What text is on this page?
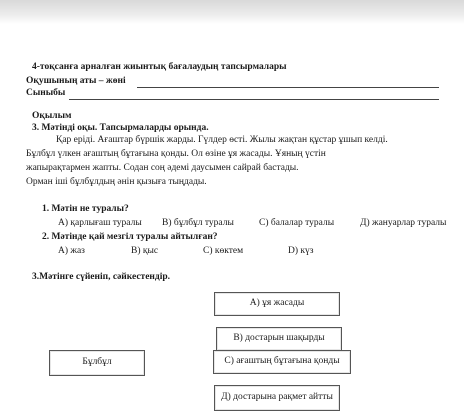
4-тоқсанға арналған жиынтық бағалаудың тапсырмалары
Оқушының аты – жөні
Сыныбы
Оқылым
3. Мәтінді оқы. Тапсырмаларды орында.
Қар ерiдi. Ағаштар бүршiк жарды. Гүлдер өстi. Жылы жақтан құстар ұшып келдi.
Бұлбұл үлкен ағаштың бұтағына қонды. Ол өзiне ұя жасады. Ұяның үстiн
жапырақтармен жапты. Содан соң әдемi даусымен сайрай бастады.
Орман iшi бұлбұлдың әнiн қызыға тыңдады.
1. Мәтін не туралы?
А) қарлығаш туралы В) бұлбұл туралы	С) балалар туралы	Д) жануарлар туралы
2. Мәтінде қай мезгіл туралы айтылған?
А) жаз	В) қыс	С) көктем	D) күз
3.Мәтінге сүйеніп, сәйкестендір.
А) ұя жасады
В) достарын шақырды
Бұлбұл	С) ағаштың бұтағына қонды
Д) достарына рақмет айтты
